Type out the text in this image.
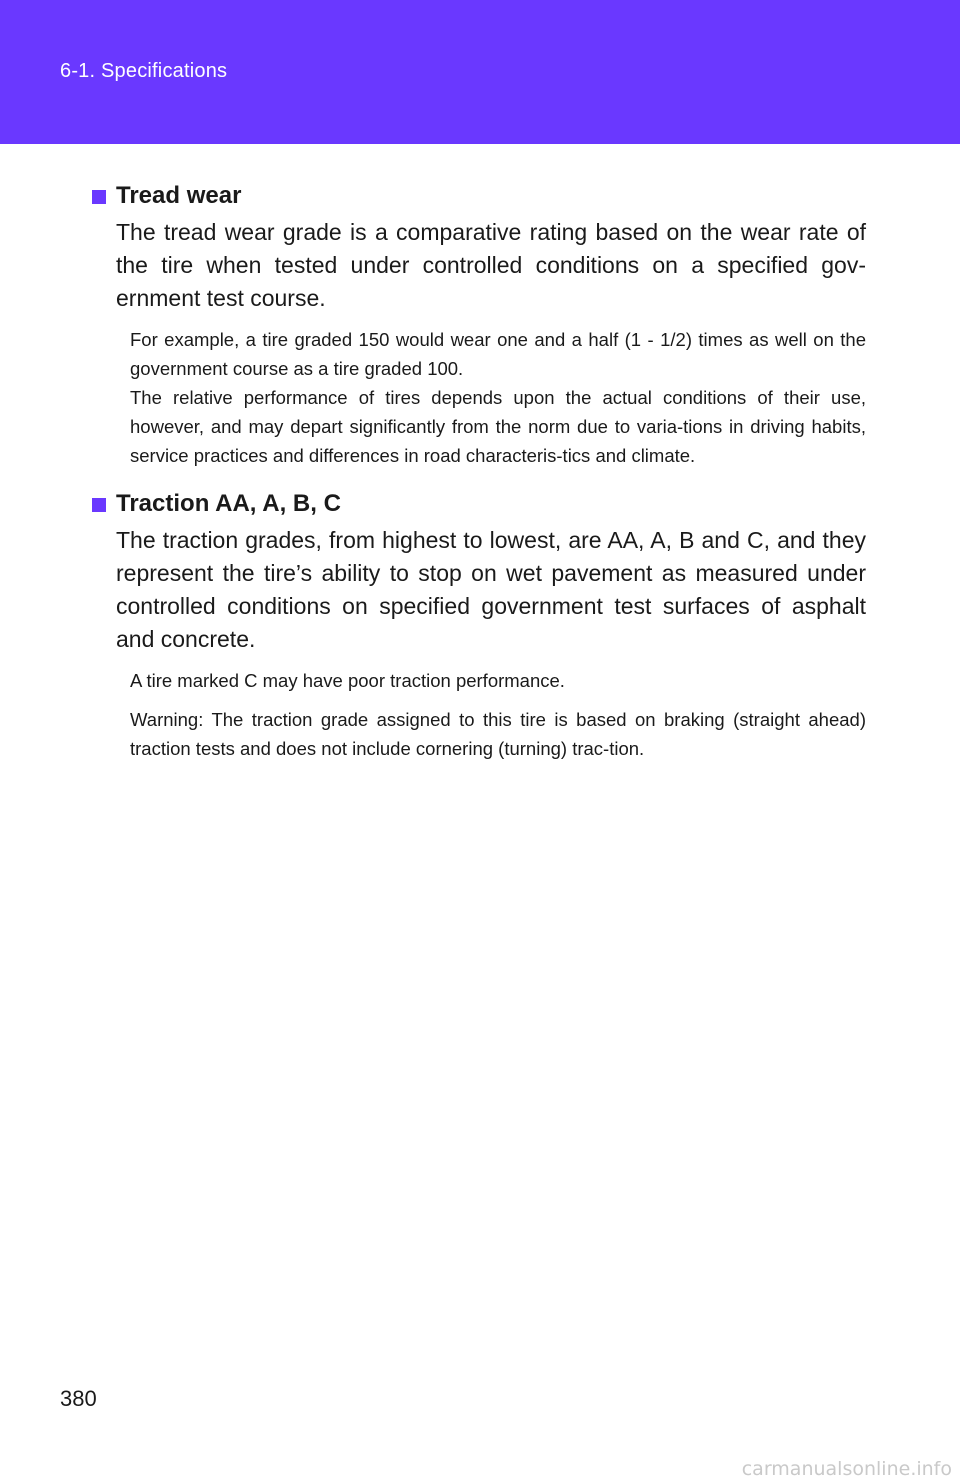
6-1. Specifications
Tread wear

The tread wear grade is a comparative rating based on the wear rate of the tire when tested under controlled conditions on a specified gov-ernment test course.

For example, a tire graded 150 would wear one and a half (1 - 1/2) times as well on the government course as a tire graded 100.

The relative performance of tires depends upon the actual conditions of their use, however, and may depart significantly from the norm due to varia-tions in driving habits, service practices and differences in road characteris-tics and climate.

Traction AA, A, B, C

The traction grades, from highest to lowest, are AA, A, B and C, and they represent the tire’s ability to stop on wet pavement as measured under controlled conditions on specified government test surfaces of asphalt and concrete.

A tire marked C may have poor traction performance.

Warning: The traction grade assigned to this tire is based on braking (straight ahead) traction tests and does not include cornering (turning) trac-tion.

380
carmanualsonline.info
